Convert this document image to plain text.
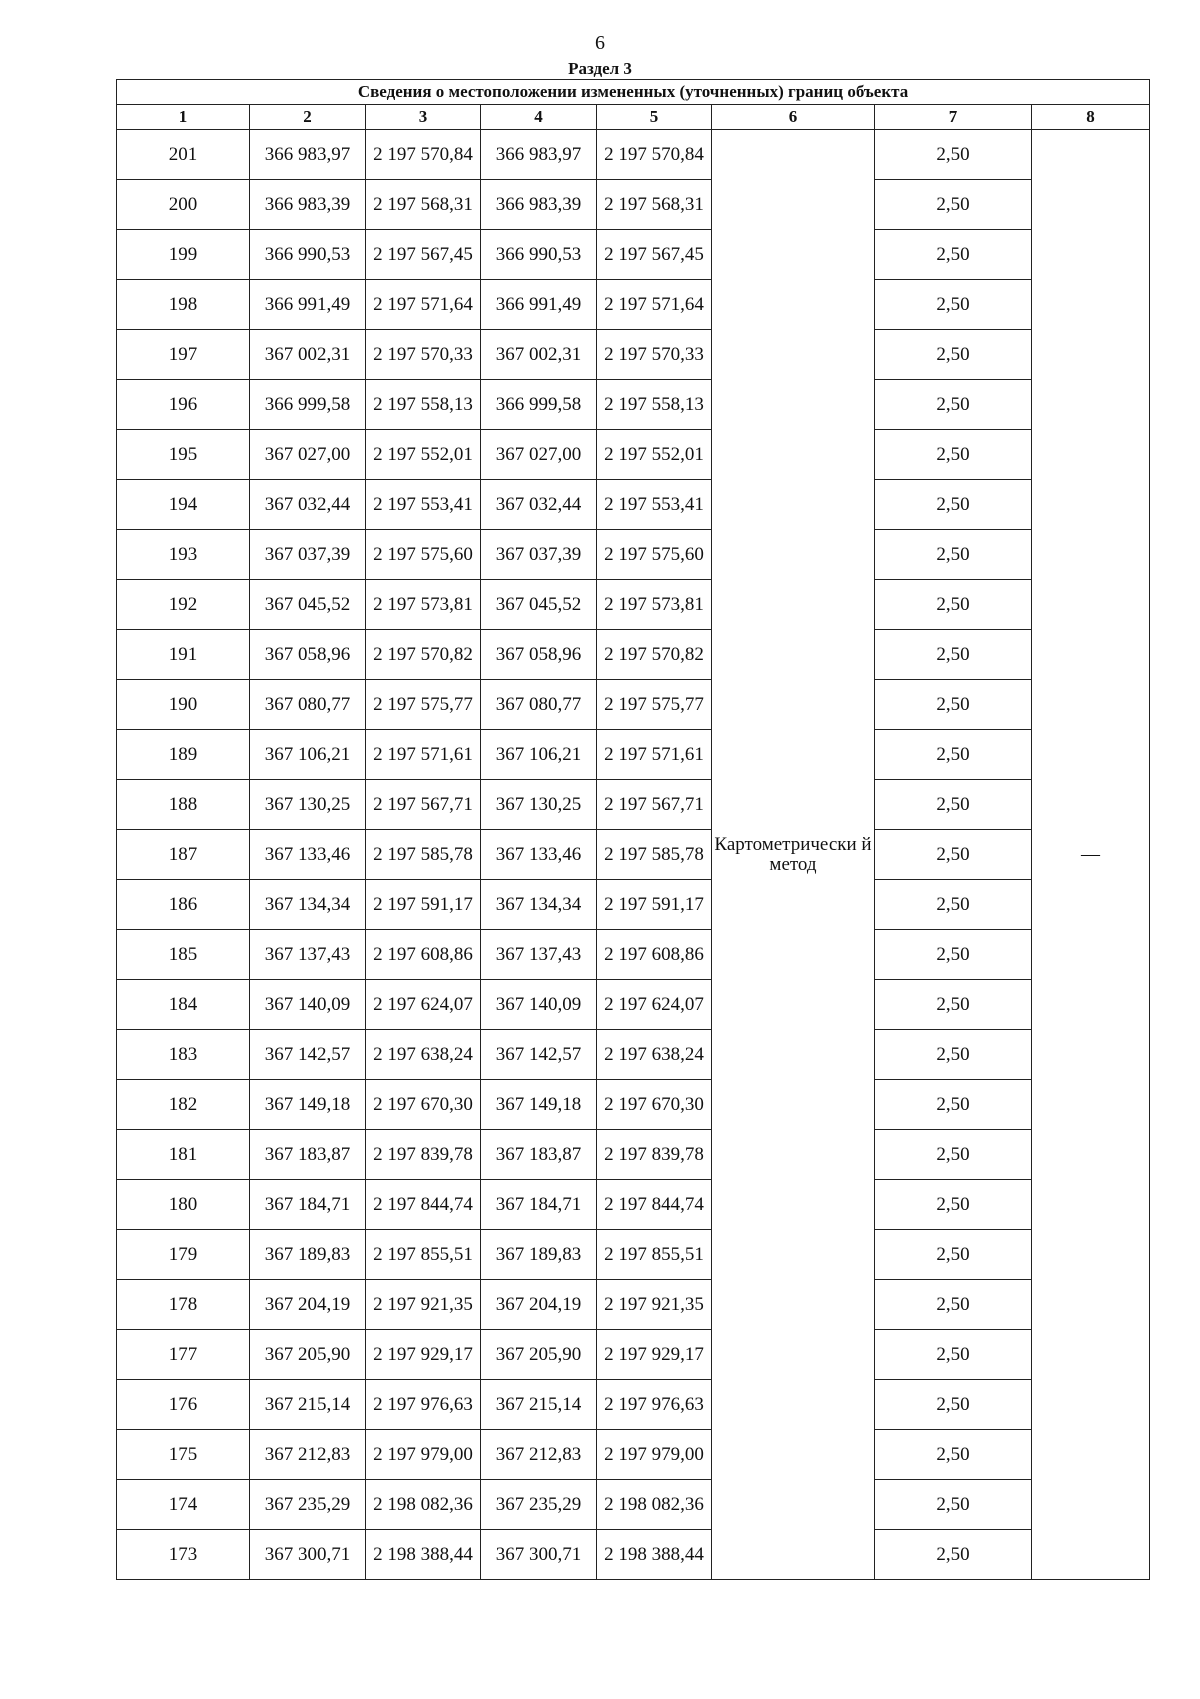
6
Раздел 3
Сведения о местоположении измененных (уточненных) границ объекта							
1	2	3	4	5	6	7	8
201	366 983,97	2 197 570,84	366 983,97	2 197 570,84	Картометрически й метод	2,50	—
200	366 983,39	2 197 568,31	366 983,39	2 197 568,31		2,50	
199	366 990,53	2 197 567,45	366 990,53	2 197 567,45		2,50	
198	366 991,49	2 197 571,64	366 991,49	2 197 571,64		2,50	
197	367 002,31	2 197 570,33	367 002,31	2 197 570,33		2,50	
196	366 999,58	2 197 558,13	366 999,58	2 197 558,13		2,50	
195	367 027,00	2 197 552,01	367 027,00	2 197 552,01		2,50	
194	367 032,44	2 197 553,41	367 032,44	2 197 553,41		2,50	
193	367 037,39	2 197 575,60	367 037,39	2 197 575,60		2,50	
192	367 045,52	2 197 573,81	367 045,52	2 197 573,81		2,50	
191	367 058,96	2 197 570,82	367 058,96	2 197 570,82		2,50	
190	367 080,77	2 197 575,77	367 080,77	2 197 575,77		2,50	
189	367 106,21	2 197 571,61	367 106,21	2 197 571,61		2,50	
188	367 130,25	2 197 567,71	367 130,25	2 197 567,71		2,50	
187	367 133,46	2 197 585,78	367 133,46	2 197 585,78		2,50	
186	367 134,34	2 197 591,17	367 134,34	2 197 591,17		2,50	
185	367 137,43	2 197 608,86	367 137,43	2 197 608,86		2,50	
184	367 140,09	2 197 624,07	367 140,09	2 197 624,07		2,50	
183	367 142,57	2 197 638,24	367 142,57	2 197 638,24		2,50	
182	367 149,18	2 197 670,30	367 149,18	2 197 670,30		2,50	
181	367 183,87	2 197 839,78	367 183,87	2 197 839,78		2,50	
180	367 184,71	2 197 844,74	367 184,71	2 197 844,74		2,50	
179	367 189,83	2 197 855,51	367 189,83	2 197 855,51		2,50	
178	367 204,19	2 197 921,35	367 204,19	2 197 921,35		2,50	
177	367 205,90	2 197 929,17	367 205,90	2 197 929,17		2,50	
176	367 215,14	2 197 976,63	367 215,14	2 197 976,63		2,50	
175	367 212,83	2 197 979,00	367 212,83	2 197 979,00		2,50	
174	367 235,29	2 198 082,36	367 235,29	2 198 082,36		2,50	
173	367 300,71	2 198 388,44	367 300,71	2 198 388,44		2,50	
